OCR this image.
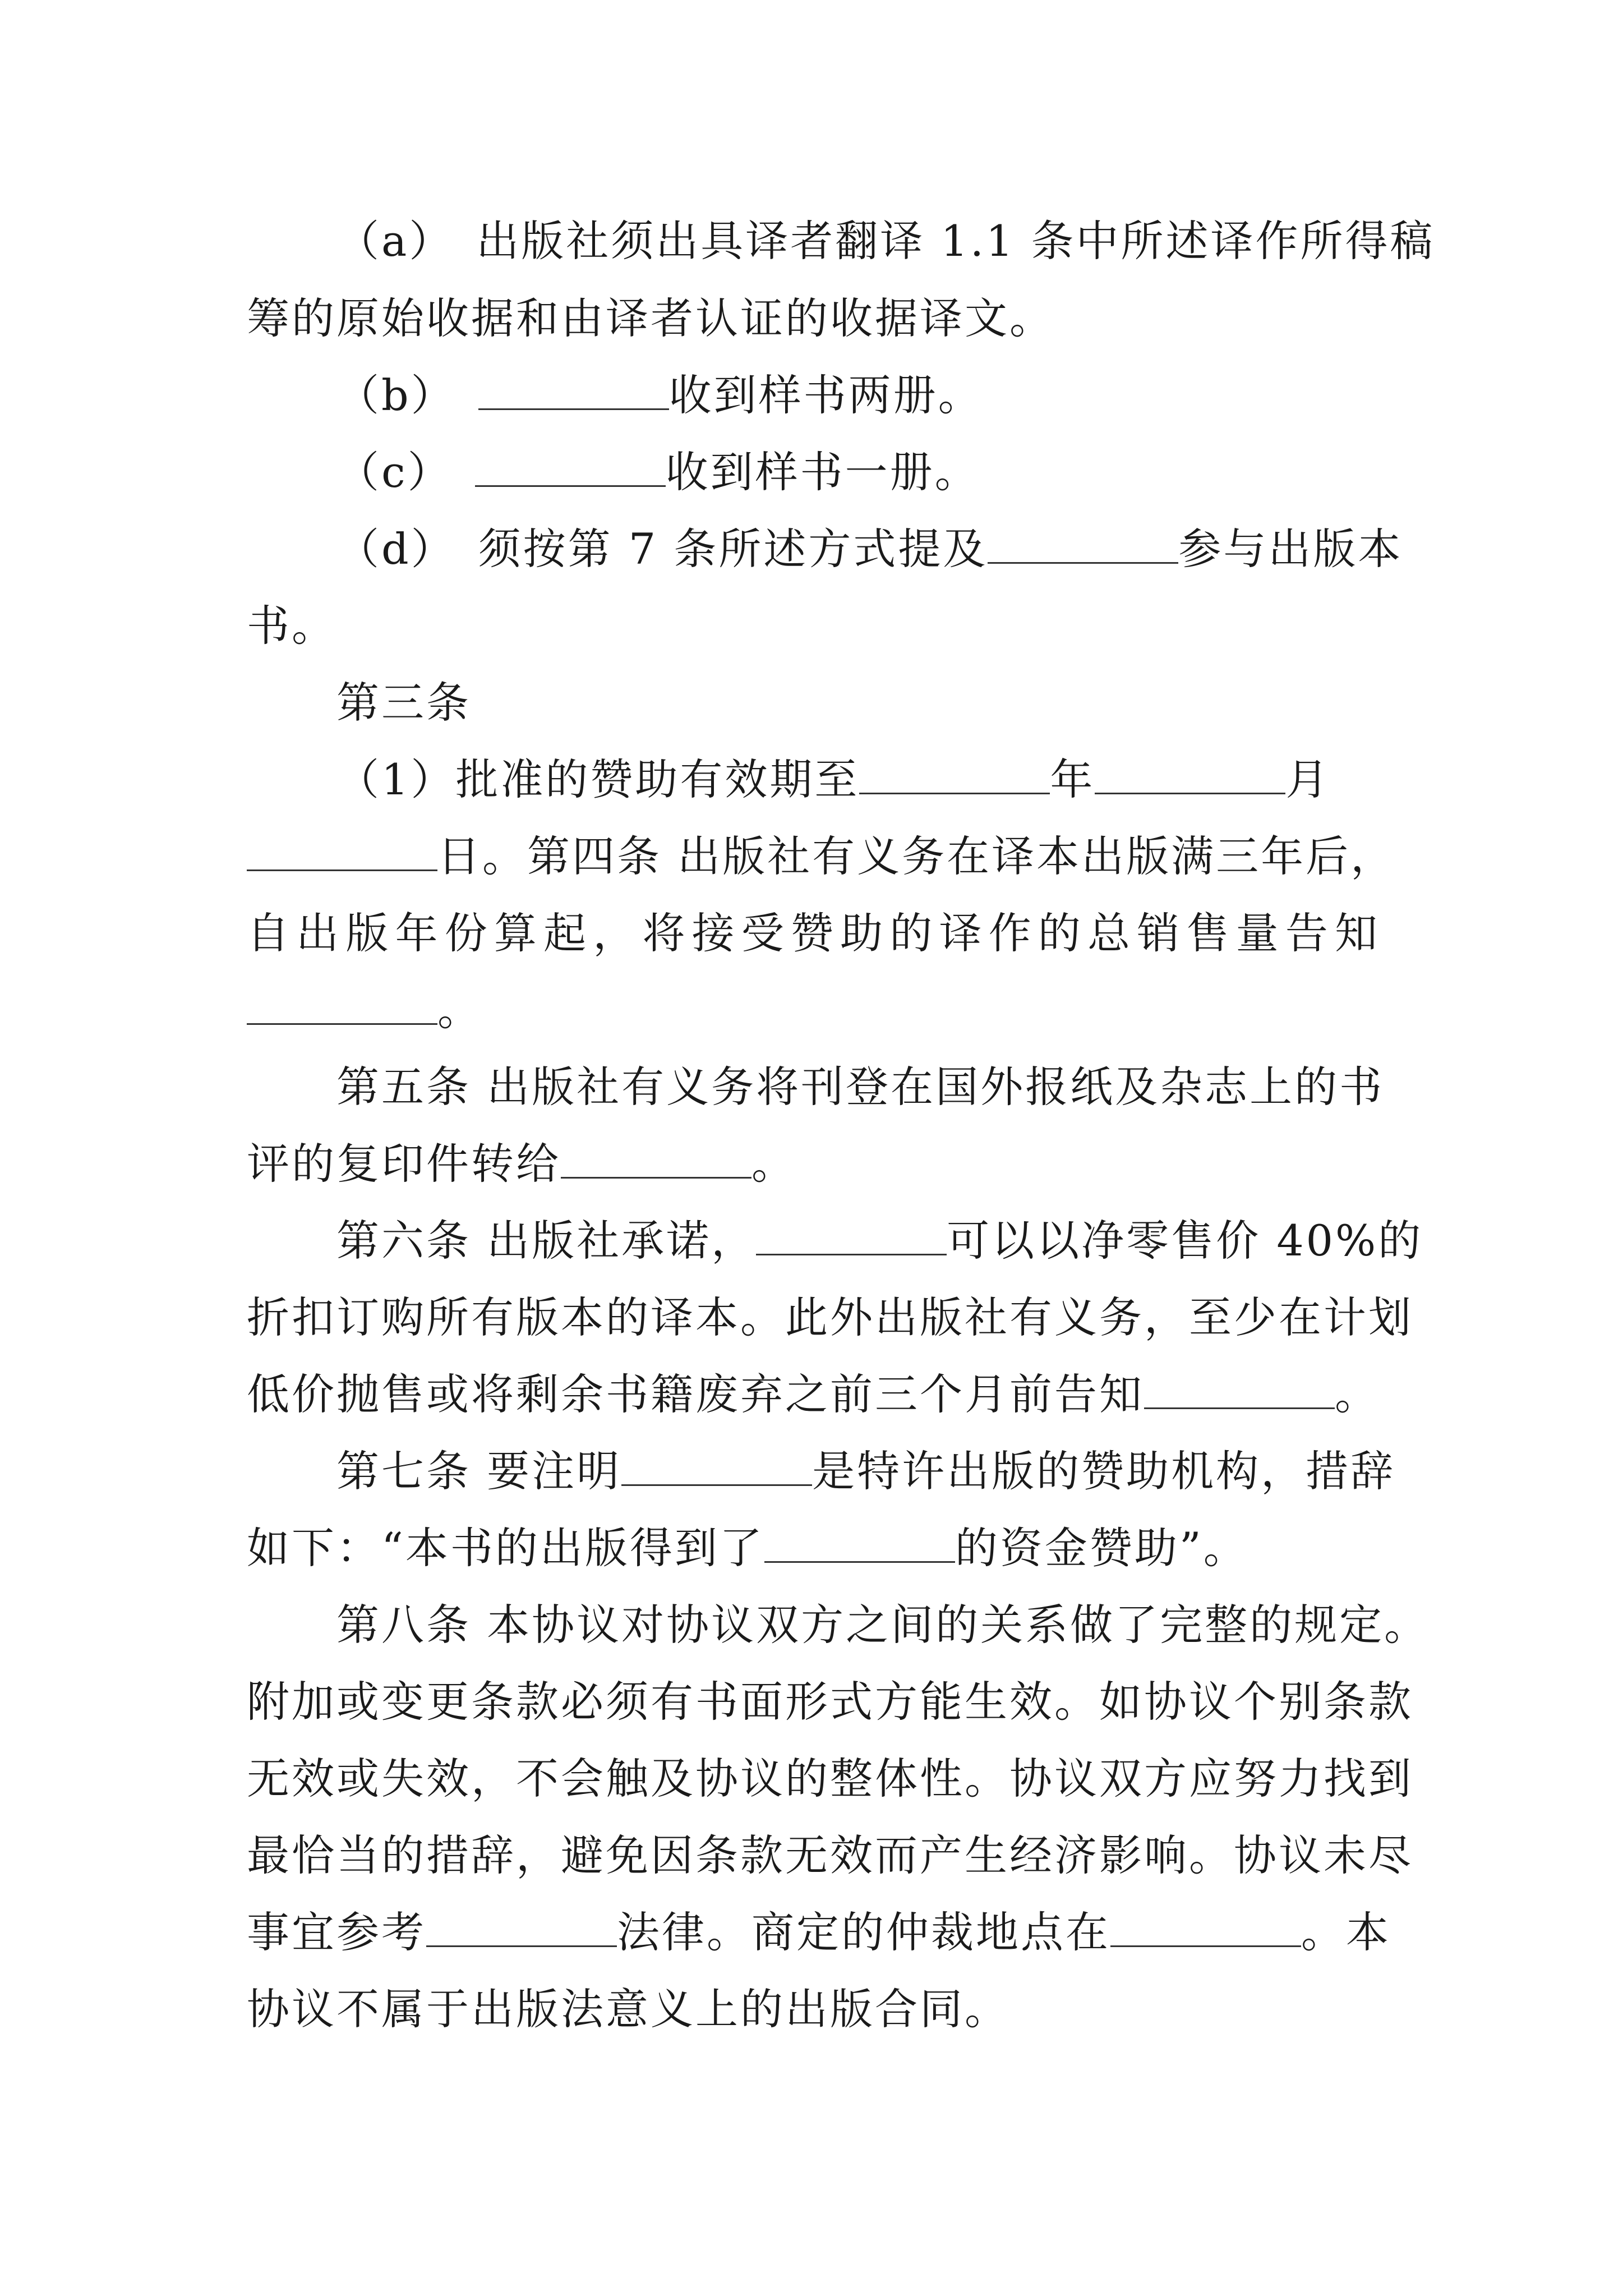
（a） 出版社须出具译者翻译 1.1 条中所述译作所得稿
筹的原始收据和由译者认证的收据译文。
（b）	收到样书两册。
（c）	收到样书一册。
（d） 须按第 7 条所述方式提及	参与出版本
书。
第三条
（1）批准的赞助有效期至	年	月
日。第四条 出版社有义务在译本出版满三年后，
自出版年份算起，将接受赞助的译作的总销售量告知
。
第五条 出版社有义务将刊登在国外报纸及杂志上的书
评的复印件转给	。
第六条 出版社承诺，	可以以净零售价 40%的
折扣订购所有版本的译本。此外出版社有义务，至少在计划
低价抛售或将剩余书籍废弃之前三个月前告知	。
第七条 要注明	是特许出版的赞助机构，措辞
如下：“本书的出版得到了	的资金赞助”。
第八条 本协议对协议双方之间的关系做了完整的规定。
附加或变更条款必须有书面形式方能生效。如协议个别条款
无效或失效，不会触及协议的整体性。协议双方应努力找到
最恰当的措辞，避免因条款无效而产生经济影响。协议未尽
事宜参考	法律。商定的仲裁地点在	。本
协议不属于出版法意义上的出版合同。
